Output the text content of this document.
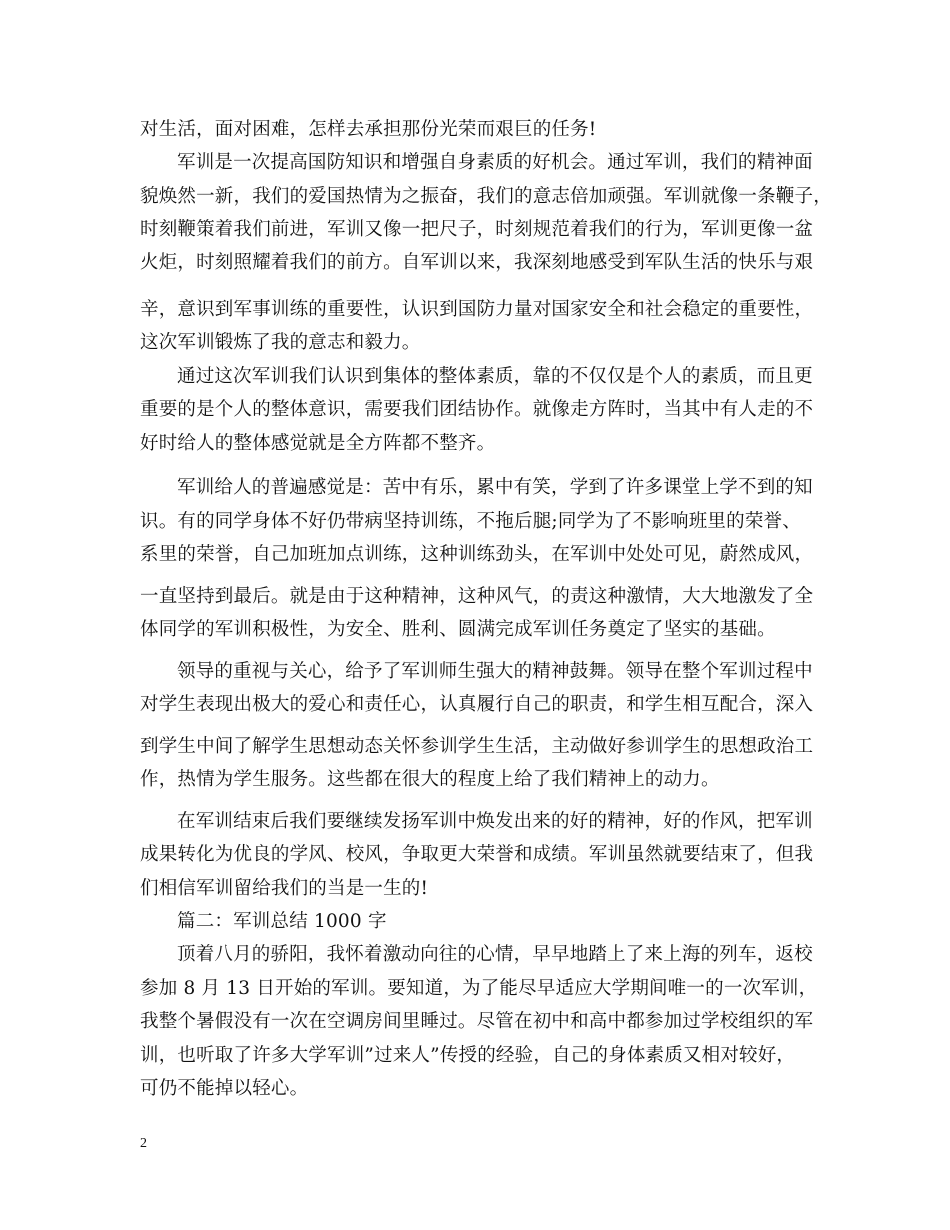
对生活，面对困难，怎样去承担那份光荣而艰巨的任务!
军训是一次提高国防知识和增强自身素质的好机会。通过军训，我们的精神面
貌焕然一新，我们的爱国热情为之振奋，我们的意志倍加顽强。军训就像一条鞭子，
时刻鞭策着我们前进，军训又像一把尺子，时刻规范着我们的行为，军训更像一盆
火炬，时刻照耀着我们的前方。自军训以来，我深刻地感受到军队生活的快乐与艰
辛，意识到军事训练的重要性，认识到国防力量对国家安全和社会稳定的重要性，
这次军训锻炼了我的意志和毅力。
通过这次军训我们认识到集体的整体素质，靠的不仅仅是个人的素质，而且更
重要的是个人的整体意识，需要我们团结协作。就像走方阵时，当其中有人走的不
好时给人的整体感觉就是全方阵都不整齐。
军训给人的普遍感觉是：苦中有乐，累中有笑，学到了许多课堂上学不到的知
识。有的同学身体不好仍带病坚持训练，不拖后腿;同学为了不影响班里的荣誉、
系里的荣誉，自己加班加点训练，这种训练劲头，在军训中处处可见，蔚然成风，
一直坚持到最后。就是由于这种精神，这种风气，的责这种激情，大大地激发了全
体同学的军训积极性，为安全、胜利、圆满完成军训任务奠定了坚实的基础。
领导的重视与关心，给予了军训师生强大的精神鼓舞。领导在整个军训过程中
对学生表现出极大的爱心和责任心，认真履行自己的职责，和学生相互配合，深入
到学生中间了解学生思想动态关怀参训学生生活，主动做好参训学生的思想政治工
作，热情为学生服务。这些都在很大的程度上给了我们精神上的动力。
在军训结束后我们要继续发扬军训中焕发出来的好的精神，好的作风，把军训
成果转化为优良的学风、校风，争取更大荣誉和成绩。军训虽然就要结束了，但我
们相信军训留给我们的当是一生的!
篇二：军训总结 1000 字
顶着八月的骄阳，我怀着激动向往的心情，早早地踏上了来上海的列车，返校
参加 8 月 13 日开始的军训。要知道，为了能尽早适应大学期间唯一的一次军训，
我整个暑假没有一次在空调房间里睡过。尽管在初中和高中都参加过学校组织的军
训，也听取了许多大学军训”过来人”传授的经验，自己的身体素质又相对较好，
可仍不能掉以轻心。
2
